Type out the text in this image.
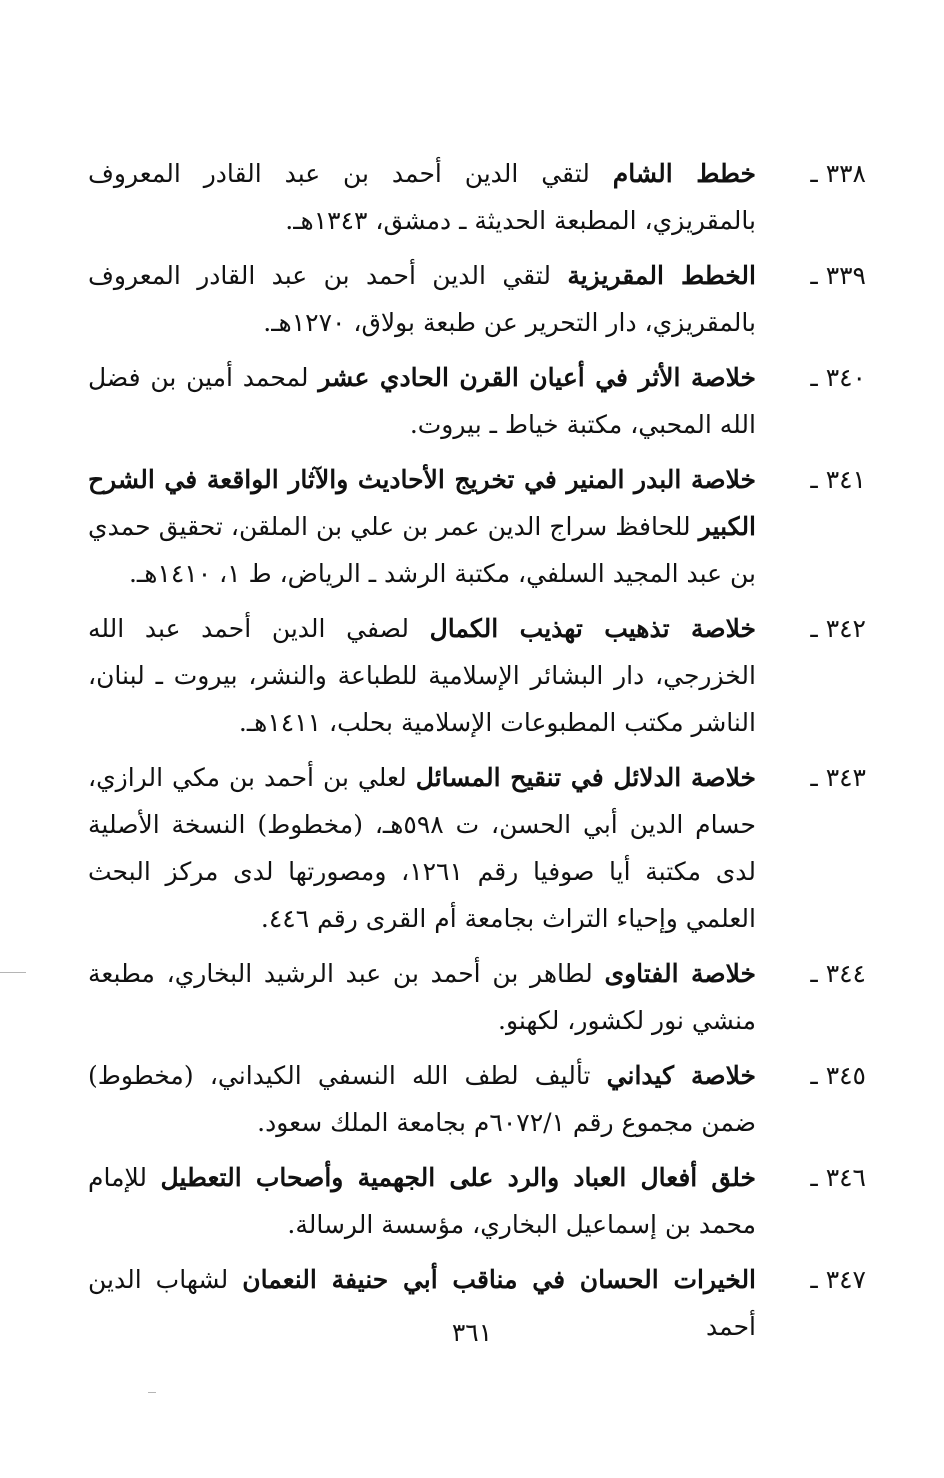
٣٣٨ ـ
خطط الشام لتقي الدين أحمد بن عبد القادر المعروف بالمقريزي، المطبعة الحديثة ـ دمشق، ١٣٤٣هـ.
٣٣٩ ـ
الخطط المقريزية لتقي الدين أحمد بن عبد القادر المعروف بالمقريزي، دار التحرير عن طبعة بولاق، ١٢٧٠هـ.
٣٤٠ ـ
خلاصة الأثر في أعيان القرن الحادي عشر لمحمد أمين بن فضل الله المحبي، مكتبة خياط ـ بيروت.
٣٤١ ـ
خلاصة البدر المنير في تخريج الأحاديث والآثار الواقعة في الشرح الكبير للحافظ سراج الدين عمر بن علي بن الملقن، تحقيق حمدي بن عبد المجيد السلفي، مكتبة الرشد ـ الرياض، ط ١، ١٤١٠هـ.
٣٤٢ ـ
خلاصة تذهيب تهذيب الكمال لصفي الدين أحمد عبد الله الخزرجي، دار البشائر الإسلامية للطباعة والنشر، بيروت ـ لبنان، الناشر مكتب المطبوعات الإسلامية بحلب، ١٤١١هـ.
٣٤٣ ـ
خلاصة الدلائل في تنقيح المسائل لعلي بن أحمد بن مكي الرازي، حسام الدين أبي الحسن، ت ٥٩٨هـ، (مخطوط) النسخة الأصلية لدى مكتبة أيا صوفيا رقم ١٢٦١، ومصورتها لدى مركز البحث العلمي وإحياء التراث بجامعة أم القرى رقم ٤٤٦.
٣٤٤ ـ
خلاصة الفتاوى لطاهر بن أحمد بن عبد الرشيد البخاري، مطبعة منشي نور لكشور، لكهنو.
٣٤٥ ـ
خلاصة كيداني تأليف لطف الله النسفي الكيداني، (مخطوط) ضمن مجموع رقم ٦٠٧٢/١م بجامعة الملك سعود.
٣٤٦ ـ
خلق أفعال العباد والرد على الجهمية وأصحاب التعطيل للإمام محمد بن إسماعيل البخاري، مؤسسة الرسالة.
٣٤٧ ـ
الخيرات الحسان في مناقب أبي حنيفة النعمان لشهاب الدين أحمد
٣٦١
